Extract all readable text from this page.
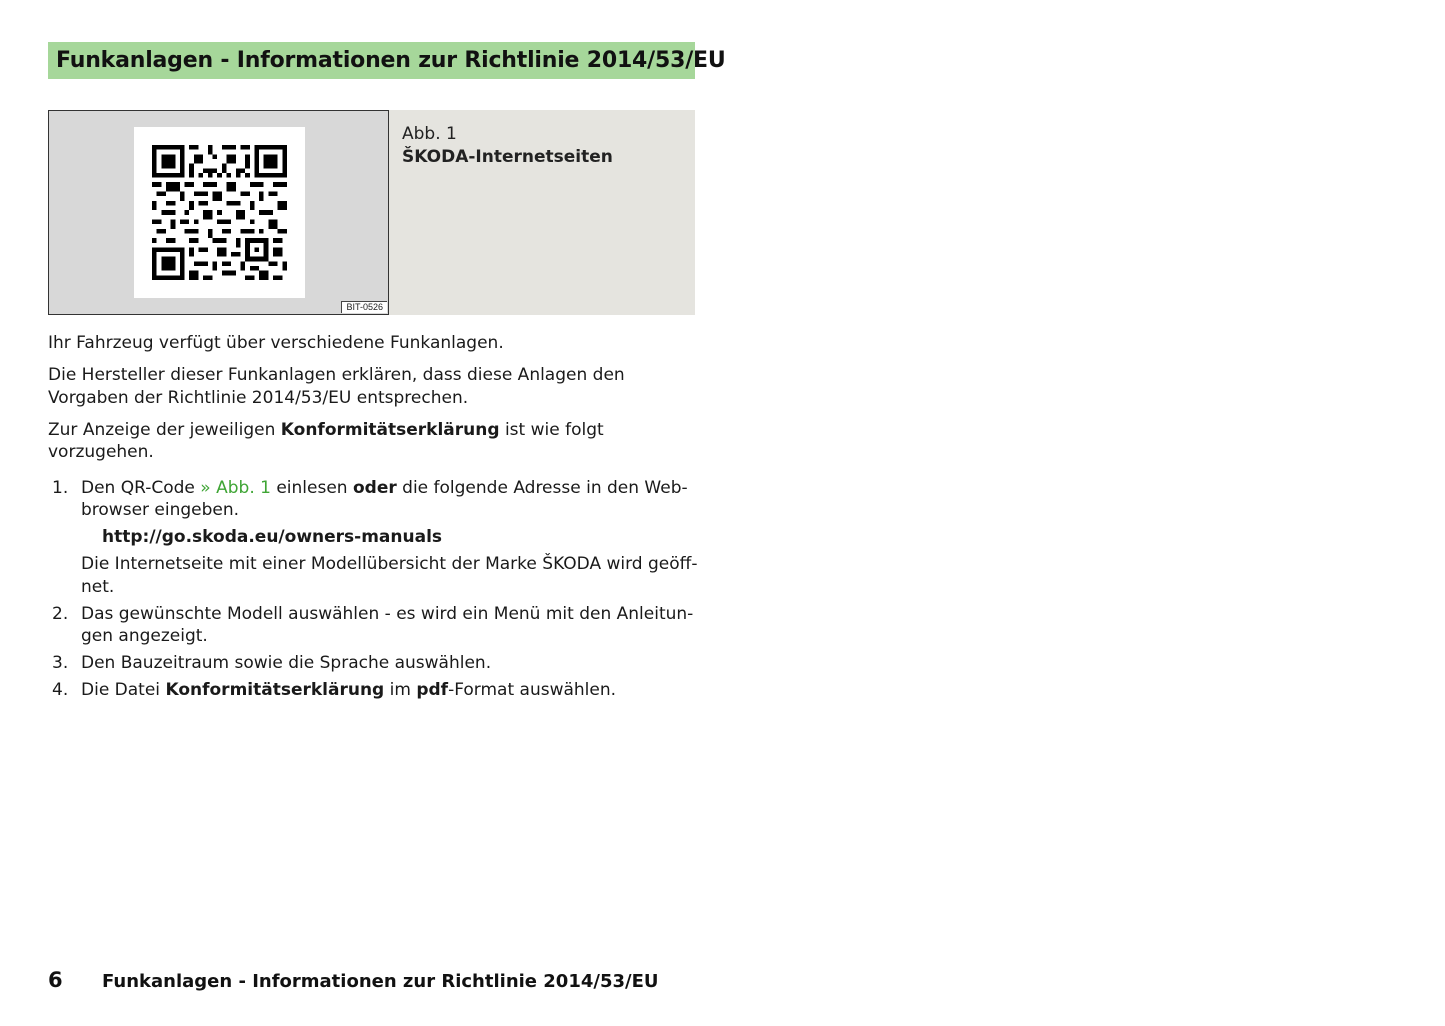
Funkanlagen - Informationen zur Richtlinie 2014/53/EU
BIT-0526
Abb. 1
ŠKODA-Internetseiten

Ihr Fahrzeug verfügt über verschiedene Funkanlagen.

Die Hersteller dieser Funkanlagen erklären, dass diese Anlagen den Vorgaben der Richtlinie 2014/53/EU entsprechen.

Zur Anzeige der jeweiligen Konformitätserklärung ist wie folgt vorzugehen.

1. Den QR-Code » Abb. 1 einlesen oder die folgende Adresse in den Web-browser eingeben.
http://go.skoda.eu/owners-manuals
Die Internetseite mit einer Modellübersicht der Marke ŠKODA wird geöff-net.
2. Das gewünschte Modell auswählen - es wird ein Menü mit den Anleitun-gen angezeigt.
3. Den Bauzeitraum sowie die Sprache auswählen.
4. Die Datei Konformitätserklärung im pdf-Format auswählen.
6 Funkanlagen - Informationen zur Richtlinie 2014/53/EU
